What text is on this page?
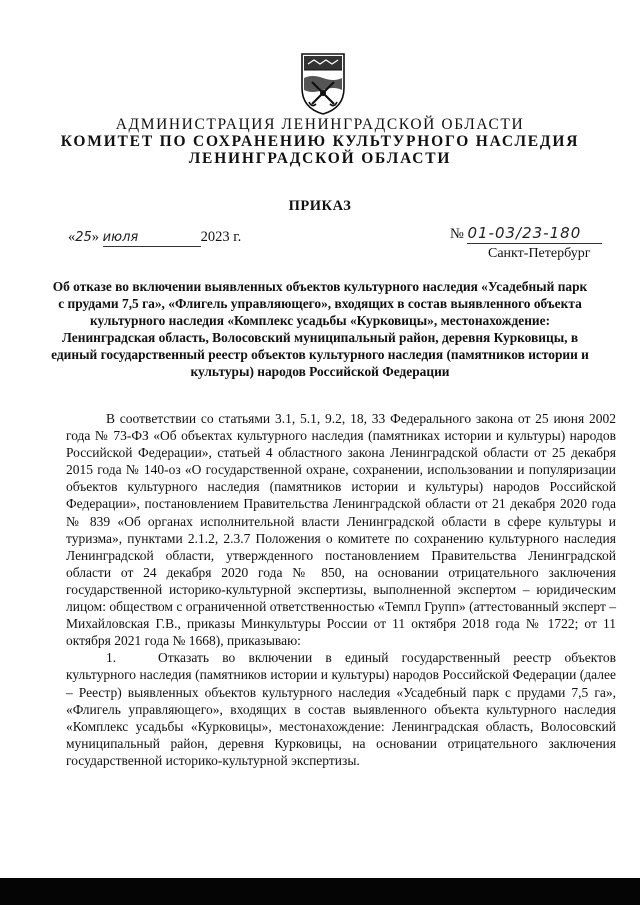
АДМИНИСТРАЦИЯ ЛЕНИНГРАДСКОЙ ОБЛАСТИ
КОМИТЕТ ПО СОХРАНЕНИЮ КУЛЬТУРНОГО НАСЛЕДИЯ
ЛЕНИНГРАДСКОЙ ОБЛАСТИ
ПРИКАЗ
«25» июля	2023 г.	№ 01-03/23-180
Санкт-Петербург
Об отказе во включении выявленных объектов культурного наследия «Усадебный парк с прудами 7,5 га», «Флигель управляющего», входящих в состав выявленного объекта культурного наследия «Комплекс усадьбы «Курковицы», местонахождение: Ленинградская область, Волосовский муниципальный район, деревня Курковицы, в единый государственный реестр объектов культурного наследия (памятников истории и культуры) народов Российской Федерации

В соответствии со статьями 3.1, 5.1, 9.2, 18, 33 Федерального закона от 25 июня 2002 года № 73-ФЗ «Об объектах культурного наследия (памятниках истории и культуры) народов Российской Федерации», статьей 4 областного закона Ленинградской области от 25 декабря 2015 года № 140-оз «О государственной охране, сохранении, использовании и популяризации объектов культурного наследия (памятников истории и культуры) народов Российской Федерации», постановлением Правительства Ленинградской области от 21 декабря 2020 года № 839 «Об органах исполнительной власти Ленинградской области в сфере культуры и туризма», пунктами 2.1.2, 2.3.7 Положения о комитете по сохранению культурного наследия Ленинградской области, утвержденного постановлением Правительства Ленинградской области от 24 декабря 2020 года № 850, на основании отрицательного заключения государственной историко-культурной экспертизы, выполненной экспертом – юридическим лицом: обществом с ограниченной ответственностью «Темпл Групп» (аттестованный эксперт – Михайловская Г.В., приказы Минкультуры России от 11 октября 2018 года № 1722; от 11 октября 2021 года № 1668), приказываю:

1.	Отказать во включении в единый государственный реестр объектов культурного наследия (памятников истории и культуры) народов Российской Федерации (далее – Реестр) выявленных объектов культурного наследия «Усадебный парк с прудами 7,5 га», «Флигель управляющего», входящих в состав выявленного объекта культурного наследия «Комплекс усадьбы «Курковицы», местонахождение: Ленинградская область, Волосовский муниципальный район, деревня Курковицы, на основании отрицательного заключения государственной историко-культурной экспертизы.
